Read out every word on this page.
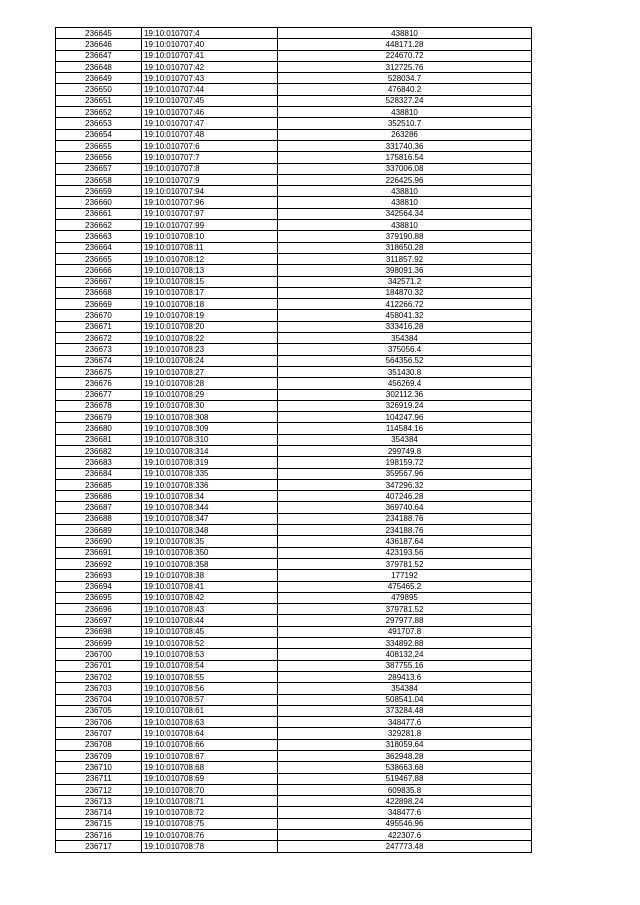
236645	19:10:010707:4	438810
236646	19:10:010707:40	448171.28
236647	19:10:010707:41	224670.72
236648	19:10:010707:42	312725.76
236649	19:10:010707:43	528034.7
236650	19:10:010707:44	476840.2
236651	19:10:010707:45	528327.24
236652	19:10:010707:46	438810
236653	19:10:010707:47	352510.7
236654	19:10:010707:48	263286
236655	19:10:010707:6	331740.36
236656	19:10:010707:7	175816.54
236657	19:10:010707:8	337006.08
236658	19:10:010707:9	226425.96
236659	19:10:010707:94	438810
236660	19:10:010707:96	438810
236661	19:10:010707:97	342564.34
236662	19:10:010707:99	438810
236663	19:10:010708:10	379190.88
236664	19:10:010708:11	318650.28
236665	19:10:010708:12	311857.92
236666	19:10:010708:13	398091.36
236667	19:10:010708:15	342571.2
236668	19:10:010708:17	184870.32
236669	19:10:010708:18	412266.72
236670	19:10:010708:19	458041.32
236671	19:10:010708:20	333416.28
236672	19:10:010708:22	354384
236673	19:10:010708:23	375056.4
236674	19:10:010708:24	564356.52
236675	19:10:010708:27	351430.8
236676	19:10:010708:28	456269.4
236677	19:10:010708:29	302112.36
236678	19:10:010708:30	326919.24
236679	19:10:010708:308	104247.96
236680	19:10:010708:309	114584.16
236681	19:10:010708:310	354384
236682	19:10:010708:314	299749.8
236683	19:10:010708:319	198159.72
236684	19:10:010708:335	359567.96
236685	19:10:010708:336	347296.32
236686	19:10:010708:34	407246.28
236687	19:10:010708:344	369740.64
236688	19:10:010708:347	234188.76
236689	19:10:010708:348	234188.76
236690	19:10:010708:35	436187.64
236691	19:10:010708:350	423193.56
236692	19:10:010708:358	379781.52
236693	19:10:010708:38	177192
236694	19:10:010708:41	475465.2
236695	19:10:010708:42	479895
236696	19:10:010708:43	379781.52
236697	19:10:010708:44	297977.88
236698	19:10:010708:45	491707.8
236699	19:10:010708:52	334892.88
236700	19:10:010708:53	408132.24
236701	19:10:010708:54	387755.16
236702	19:10:010708:55	289413.6
236703	19:10:010708:56	354384
236704	19:10:010708:57	508541.04
236705	19:10:010708:61	373284.48
236706	19:10:010708:63	348477.6
236707	19:10:010708:64	329281.8
236708	19:10:010708:66	318059.64
236709	19:10:010708:67	362948.28
236710	19:10:010708:68	538663.68
236711	19:10:010708:69	519467.88
236712	19:10:010708:70	609835.8
236713	19:10:010708:71	422898.24
236714	19:10:010708:72	348477.6
236715	19:10:010708:75	495546.96
236716	19:10:010708:76	422307.6
236717	19:10:010708:78	247773.48
